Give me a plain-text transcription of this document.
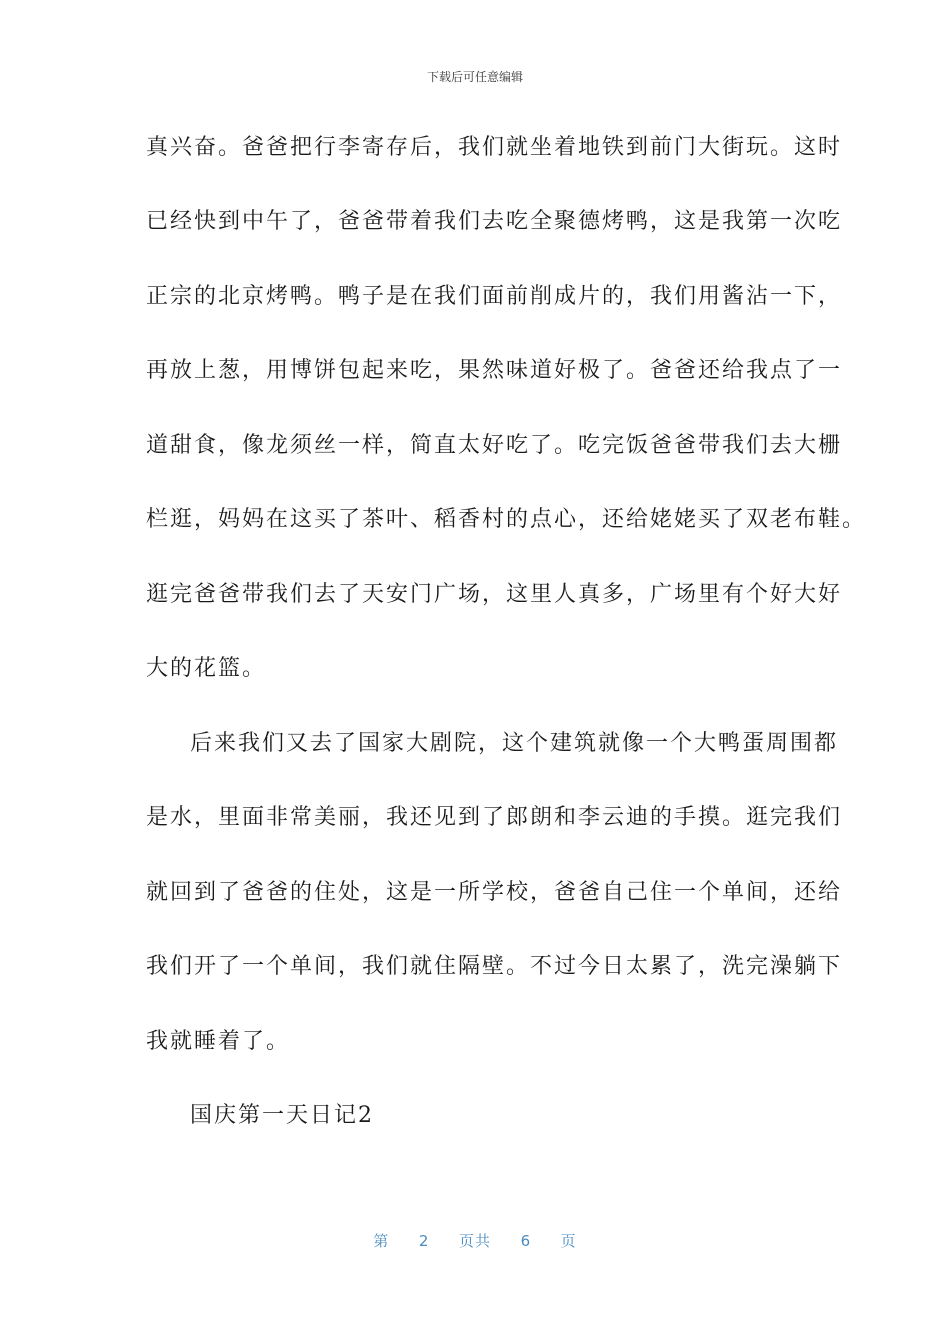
下载后可任意编辑
真兴奋。爸爸把行李寄存后，我们就坐着地铁到前门大街玩。这时
已经快到中午了，爸爸带着我们去吃全聚德烤鸭，这是我第一次吃
正宗的北京烤鸭。鸭子是在我们面前削成片的，我们用酱沾一下，
再放上葱，用博饼包起来吃，果然味道好极了。爸爸还给我点了一
道甜食，像龙须丝一样，简直太好吃了。吃完饭爸爸带我们去大栅
栏逛，妈妈在这买了茶叶、稻香村的点心，还给姥姥买了双老布鞋。
逛完爸爸带我们去了天安门广场，这里人真多，广场里有个好大好
大的花篮。
后来我们又去了国家大剧院，这个建筑就像一个大鸭蛋周围都
是水，里面非常美丽，我还见到了郎朗和李云迪的手摸。逛完我们
就回到了爸爸的住处，这是一所学校，爸爸自己住一个单间，还给
我们开了一个单间，我们就住隔壁。不过今日太累了，洗完澡躺下
我就睡着了。
国庆第一天日记2
第 2 页共 6 页
